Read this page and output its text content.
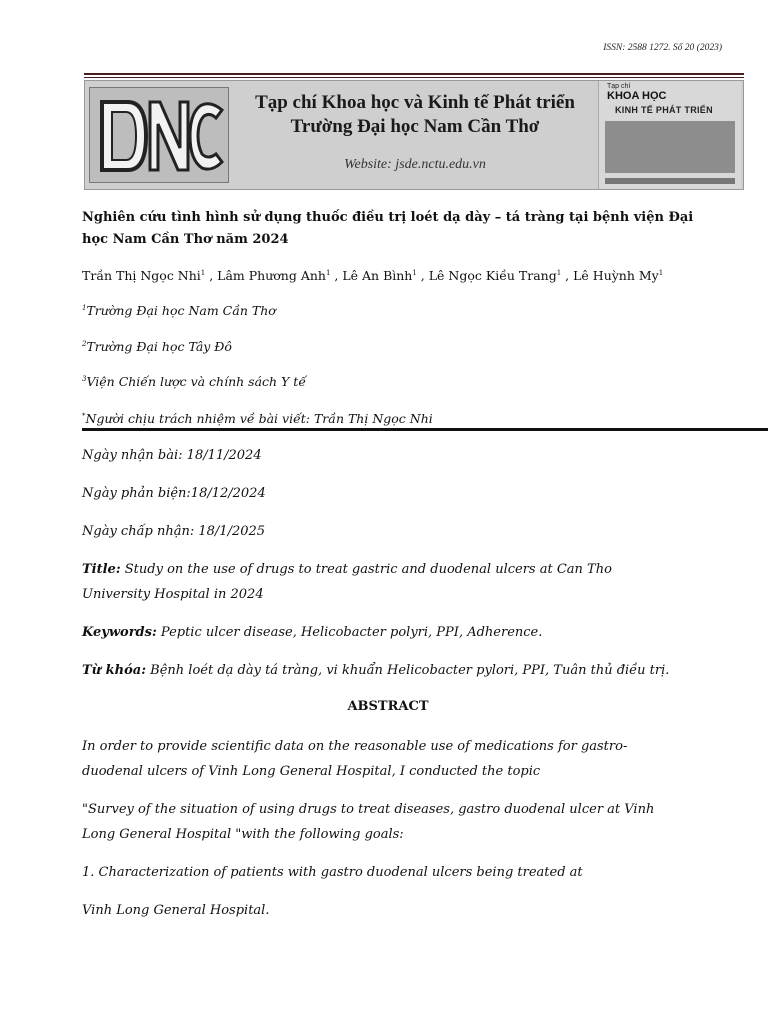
ISSN: 2588 1272. Số 20 (2023)
Tạp chí Khoa học và Kinh tế Phát triển
Trường Đại học Nam Cần Thơ
Website: jsde.nctu.edu.vn
Tạp chí
KHOA HỌC
KINH TẾ PHÁT TRIỂN
Nghiên cứu tình hình sử dụng thuốc điều trị loét dạ dày – tá tràng tại bệnh viện Đại học Nam Cần Thơ năm 2024
Trần Thị Ngọc Nhi$^1$ , Lâm Phương Anh$^1$ , Lê An Bình$^1$ , Lê Ngọc Kiều Trang$^1$ , Lê Huỳnh My$^1$
$^1$Trường Đại học Nam Cần Thơ
$^2$Trường Đại học Tây Đô
$^3$Viện Chiến lược và chính sách Y tế
*Người chịu trách nhiệm về bài viết: Trần Thị Ngọc Nhi
Ngày nhận bài: 18/11/2024
Ngày phản biện:18/12/2024
Ngày chấp nhận: 18/1/2025
Title: Study on the use of drugs to treat gastric and duodenal ulcers at Can Tho University Hospital in 2024
Keywords: Peptic ulcer disease, Helicobacter polyri, PPI, Adherence.
Từ khóa: Bệnh loét dạ dày tá tràng, vi khuẩn Helicobacter pylori, PPI, Tuân thủ điều trị.
ABSTRACT
In order to provide scientific data on the reasonable use of medications for gastro- duodenal ulcers of Vinh Long General Hospital, I conducted the topic
"Survey of the situation of using drugs to treat diseases, gastro duodenal ulcer at Vinh Long General Hospital "with the following goals:
1. Characterization of patients with gastro duodenal ulcers being treated at
Vinh Long General Hospital.
